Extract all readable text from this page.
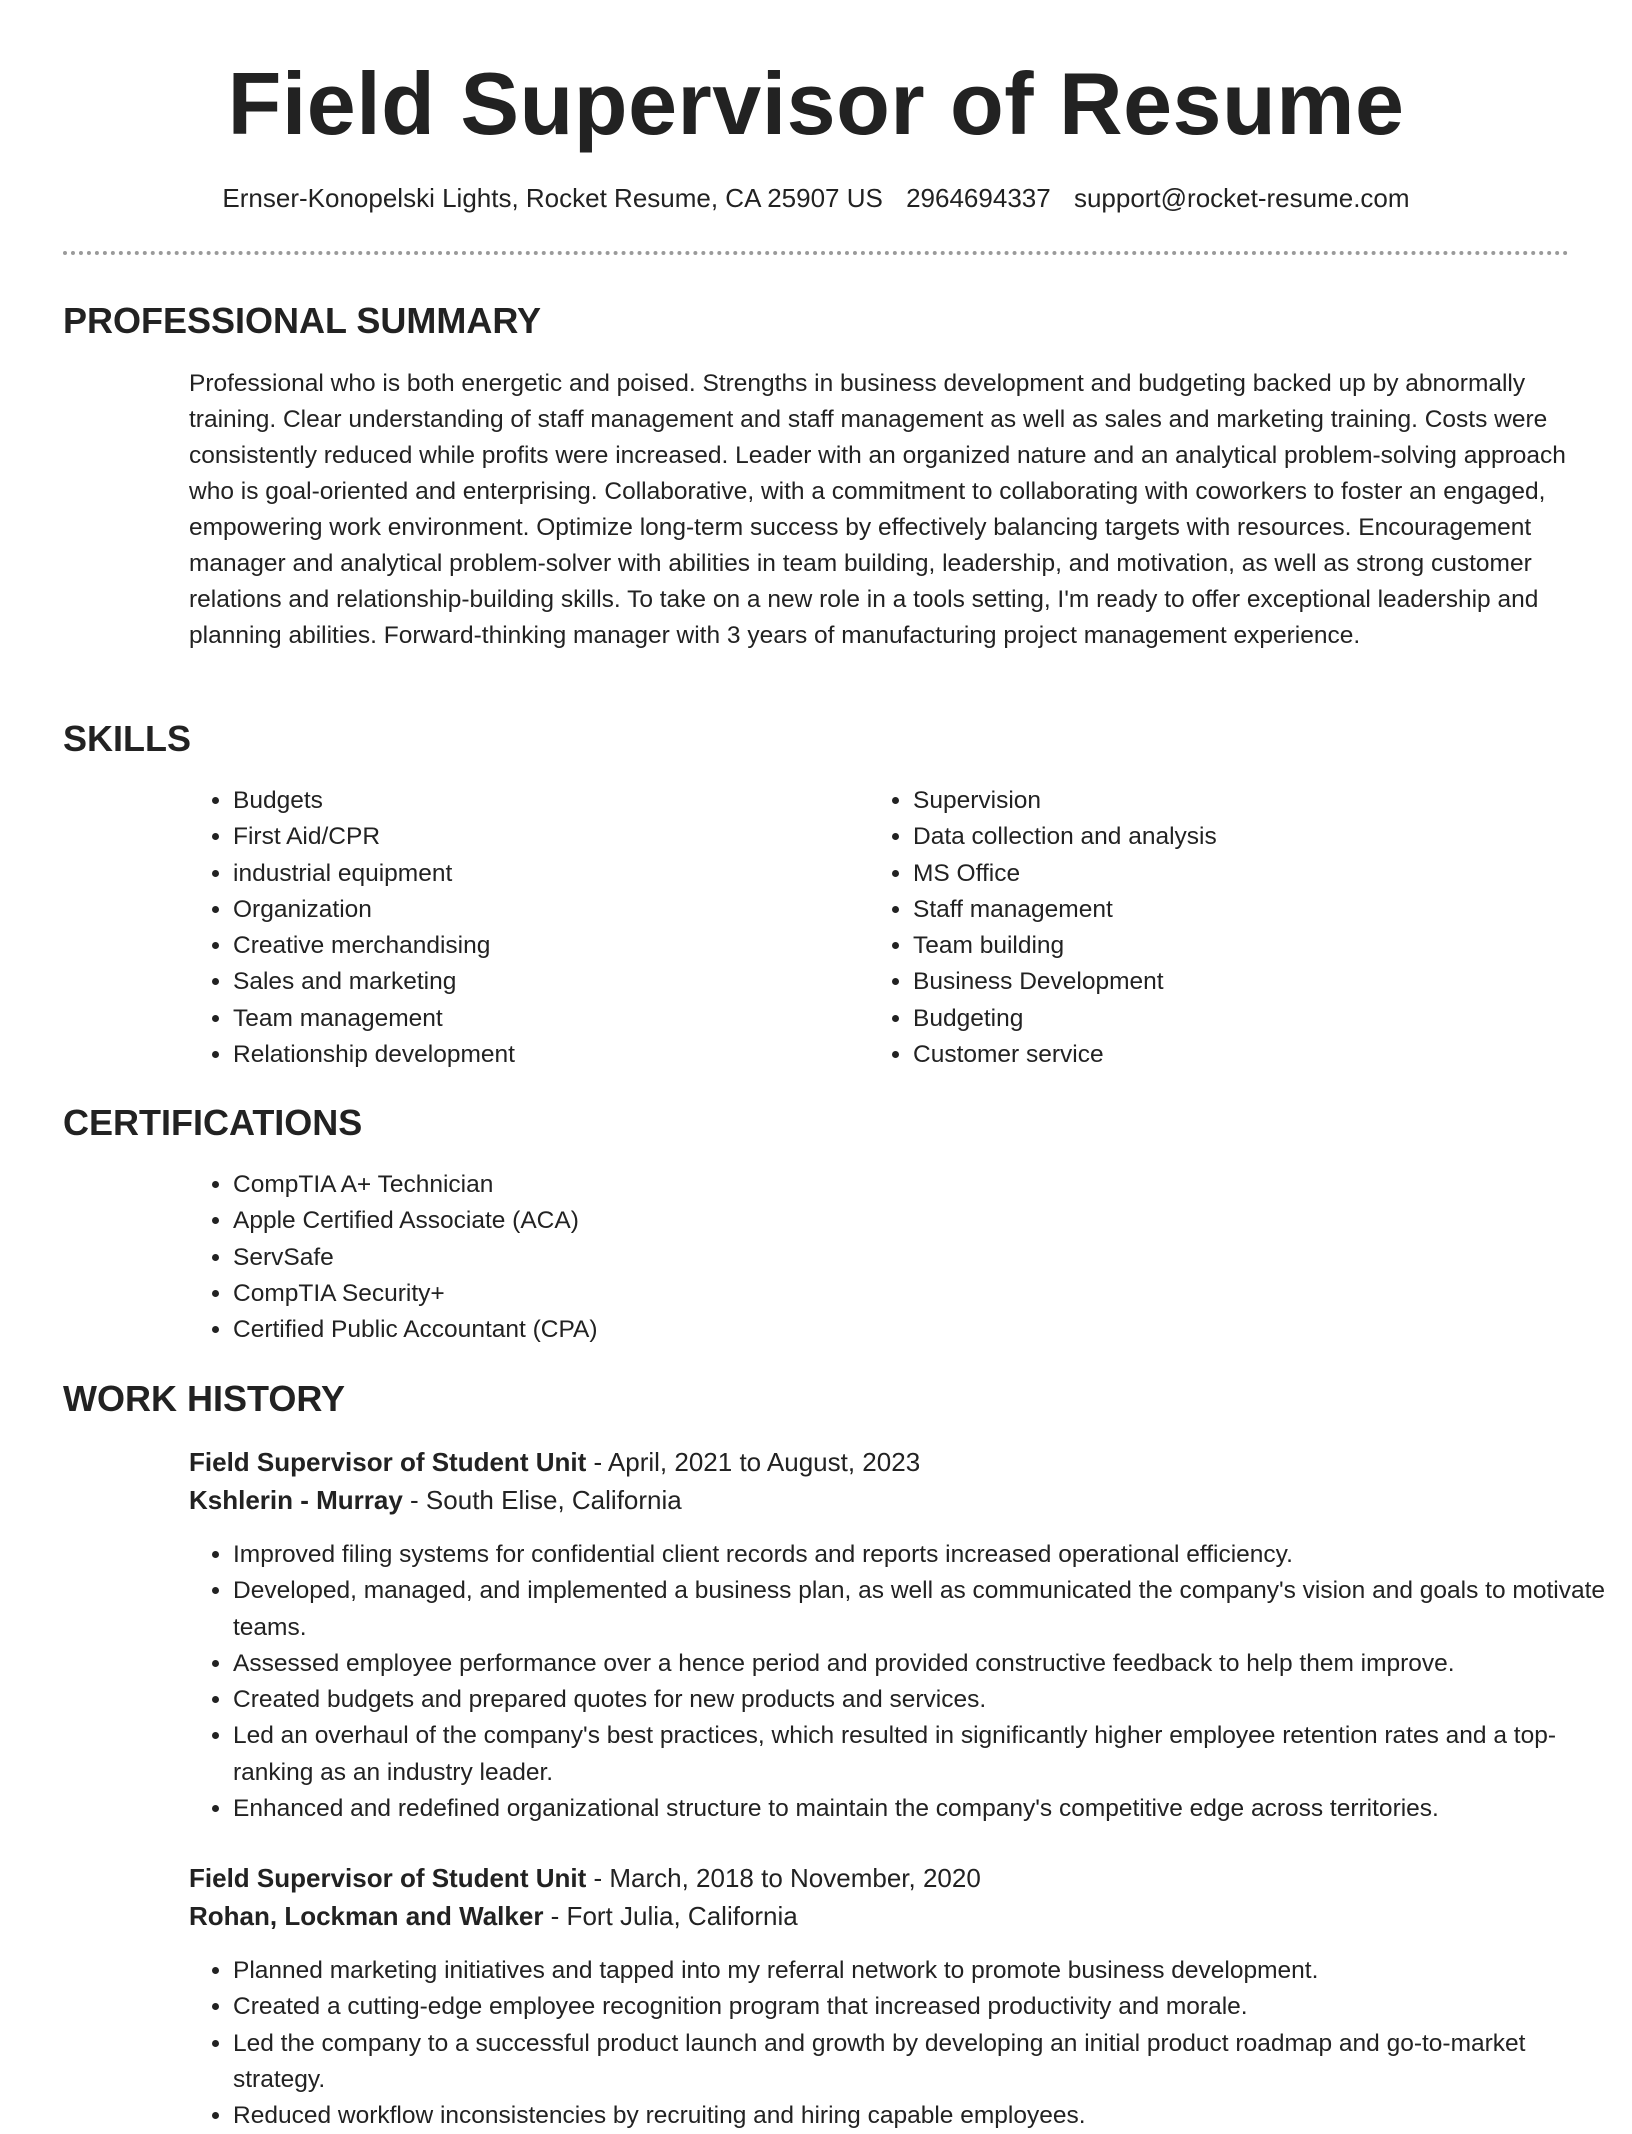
Field Supervisor of Resume
Ernser-Konopelski Lights, Rocket Resume, CA 25907 US 2964694337 support@rocket-resume.com
PROFESSIONAL SUMMARY
Professional who is both energetic and poised. Strengths in business development and budgeting backed up by abnormally training. Clear understanding of staff management and staff management as well as sales and marketing training. Costs were consistently reduced while profits were increased. Leader with an organized nature and an analytical problem-solving approach who is goal-oriented and enterprising. Collaborative, with a commitment to collaborating with coworkers to foster an engaged, empowering work environment. Optimize long-term success by effectively balancing targets with resources. Encouragement manager and analytical problem-solver with abilities in team building, leadership, and motivation, as well as strong customer relations and relationship-building skills. To take on a new role in a tools setting, I'm ready to offer exceptional leadership and planning abilities. Forward-thinking manager with 3 years of manufacturing project management experience.
SKILLS
• Budgets
• First Aid/CPR
• industrial equipment
• Organization
• Creative merchandising
• Sales and marketing
• Team management
• Relationship development
• Supervision
• Data collection and analysis
• MS Office
• Staff management
• Team building
• Business Development
• Budgeting
• Customer service
CERTIFICATIONS
• CompTIA A+ Technician
• Apple Certified Associate (ACA)
• ServSafe
• CompTIA Security+
• Certified Public Accountant (CPA)
WORK HISTORY
Field Supervisor of Student Unit - April, 2021 to August, 2023
Kshlerin - Murray - South Elise, California
• Improved filing systems for confidential client records and reports increased operational efficiency.
• Developed, managed, and implemented a business plan, as well as communicated the company's vision and goals to motivate teams.
• Assessed employee performance over a hence period and provided constructive feedback to help them improve.
• Created budgets and prepared quotes for new products and services.
• Led an overhaul of the company's best practices, which resulted in significantly higher employee retention rates and a top-ranking as an industry leader.
• Enhanced and redefined organizational structure to maintain the company's competitive edge across territories.
Field Supervisor of Student Unit - March, 2018 to November, 2020
Rohan, Lockman and Walker - Fort Julia, California
• Planned marketing initiatives and tapped into my referral network to promote business development.
• Created a cutting-edge employee recognition program that increased productivity and morale.
• Led the company to a successful product launch and growth by developing an initial product roadmap and go-to-market strategy.
• Reduced workflow inconsistencies by recruiting and hiring capable employees.
